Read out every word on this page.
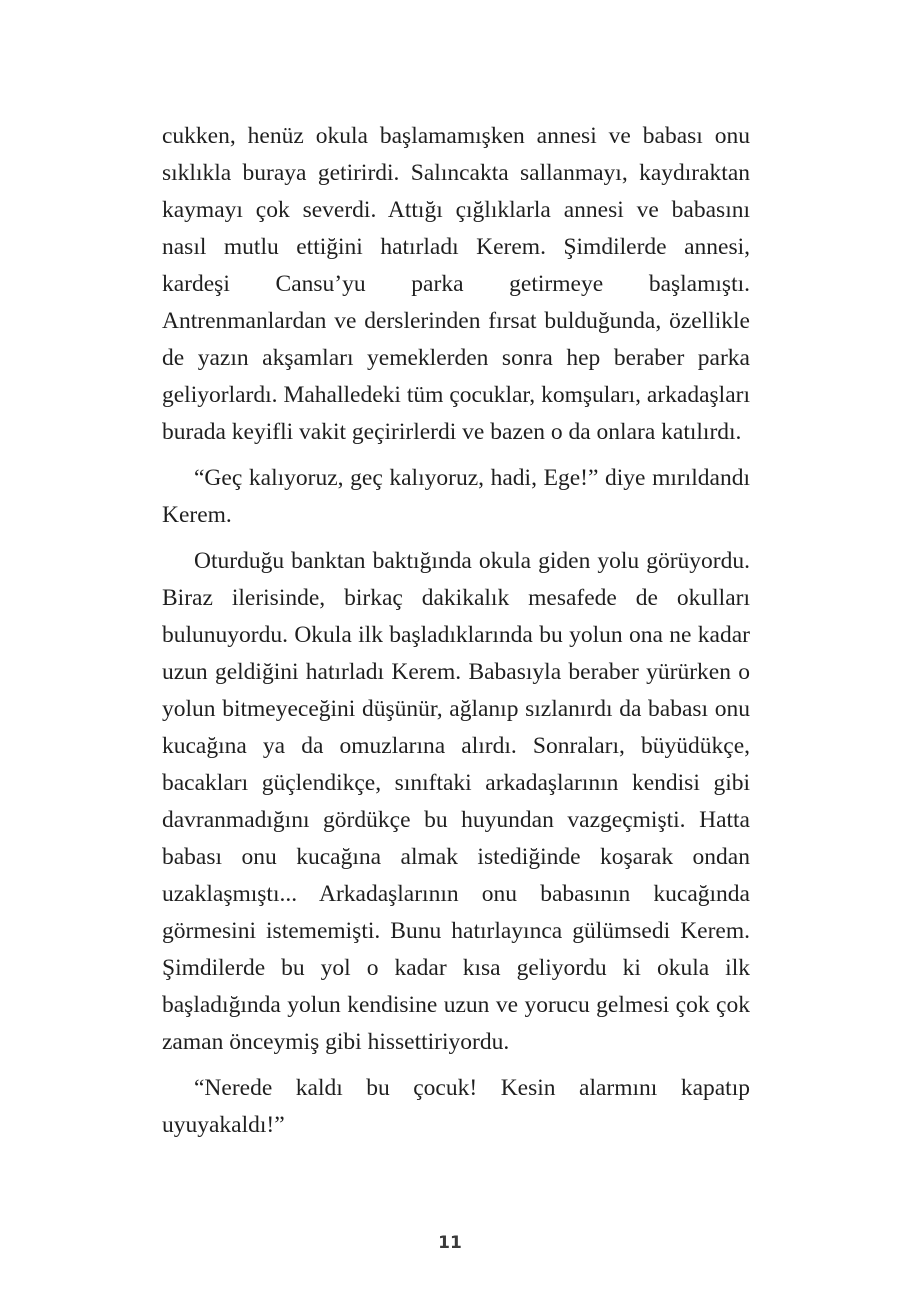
cukken, henüz okula başlamamışken annesi ve babası onu sıklıkla buraya getirirdi. Salıncakta sallanmayı, kaydıraktan kaymayı çok severdi. Attığı çığlıklarla annesi ve babasını nasıl mutlu ettiğini hatırladı Kerem. Şimdilerde annesi, kardeşi Cansu’yu parka getirmeye başlamıştı. Antrenmanlardan ve derslerinden fırsat bulduğunda, özellikle de yazın akşamları yemeklerden sonra hep beraber parka geliyorlardı. Mahalledeki tüm çocuklar, komşuları, arkadaşları burada keyifli vakit geçirirlerdi ve bazen o da onlara katılırdı.

“Geç kalıyoruz, geç kalıyoruz, hadi, Ege!” diye mırıldandı Kerem.

Oturduğu banktan baktığında okula giden yolu görüyordu. Biraz ilerisinde, birkaç dakikalık mesafede de okulları bulunuyordu. Okula ilk başladıklarında bu yolun ona ne kadar uzun geldiğini hatırladı Kerem. Babasıyla beraber yürürken o yolun bitmeyeceğini düşünür, ağlanıp sızlanırdı da babası onu kucağına ya da omuzlarına alırdı. Sonraları, büyüdükçe, bacakları güçlendikçe, sınıftaki arkadaşlarının kendisi gibi davranmadığını gördükçe bu huyundan vazgeçmişti. Hatta babası onu kucağına almak istediğinde koşarak ondan uzaklaşmıştı... Arkadaşlarının onu babasının kucağında görmesini istememişti. Bunu hatırlayınca gülümsedi Kerem. Şimdilerde bu yol o kadar kısa geliyordu ki okula ilk başladığında yolun kendisine uzun ve yorucu gelmesi çok çok zaman önceymiş gibi hissettiriyordu.

“Nerede kaldı bu çocuk! Kesin alarmını kapatıp uyuyakaldı!”

11
